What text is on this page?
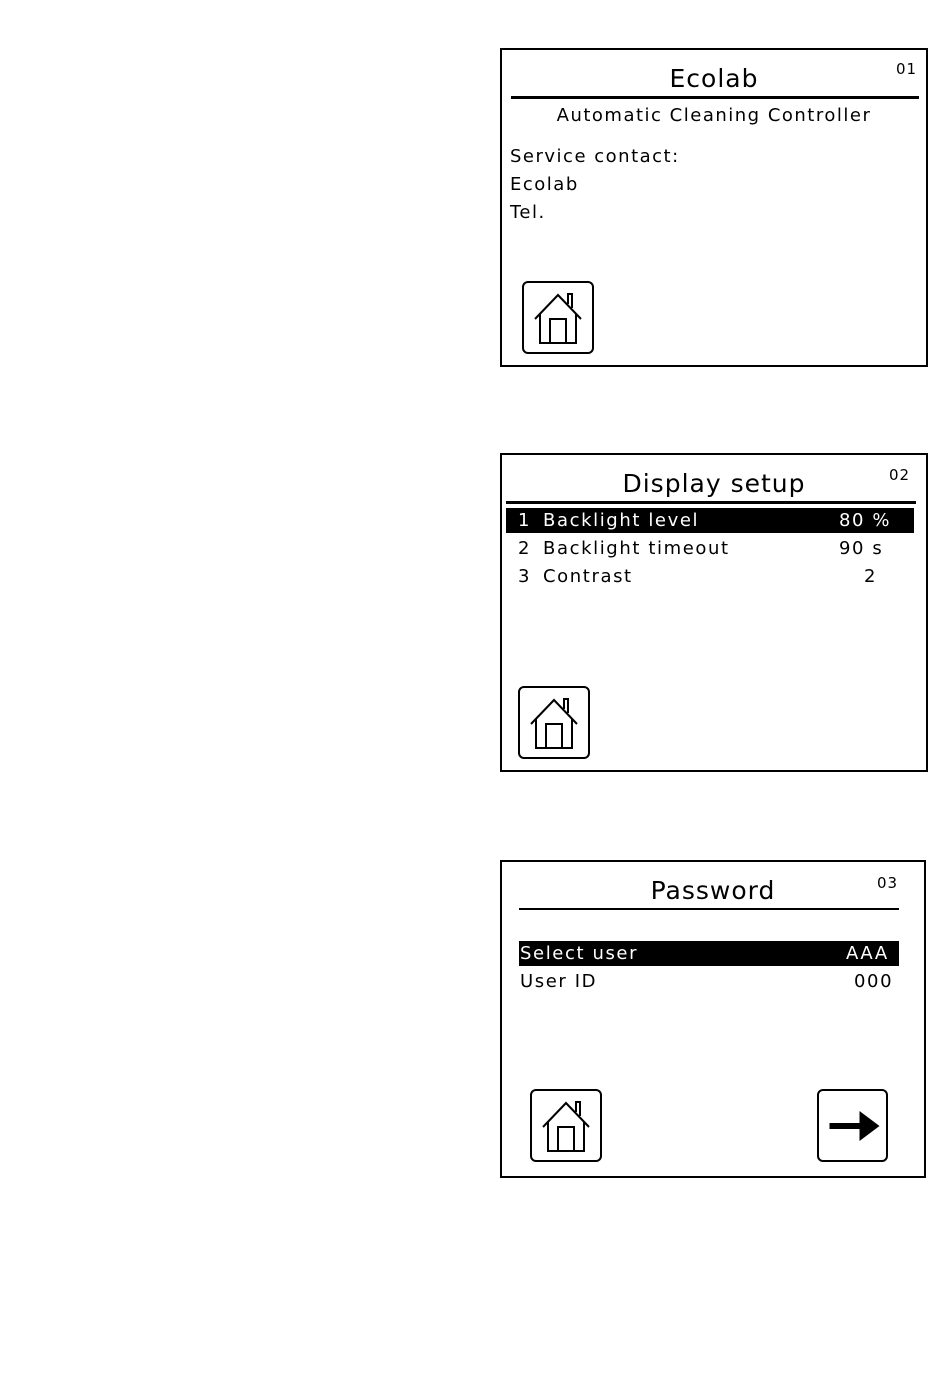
Ecolab	01
Automatic Cleaning Controller
Service contact:
Ecolab
Tel.
Display setup	02
1 Backlight level	80 %
2 Backlight timeout	90 s
3 Contrast	2
Password	03
Select user	AAA
User ID	000
